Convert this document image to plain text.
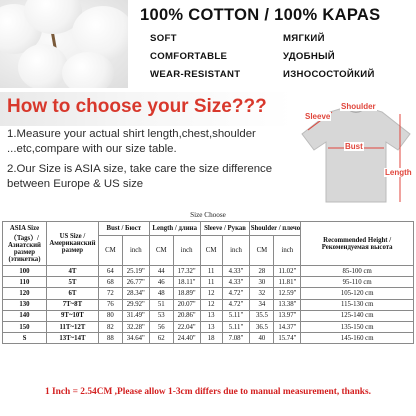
100% COTTON / 100% KAPAS
SOFT
COMFORTABLE
WEAR-RESISTANT
МЯГКИЙ
УДОБНЫЙ
ИЗНОСОСТОЙКИЙ
How to choose your Size???
1.Measure your actual shirt length,chest,shoulder
...etc,compare with our size table.
2.Our Size is ASIA size, take care the size difference
between Europe & US size
Sleeve
Shoulder
Bust
Length
Size Choose
ASIA Size（Tags）/Азиатский размер (этикетка)	US Size / Американский размер	Bust / Бюст		Length / длина		Sleeve / Рукав		Shoulder / плечо		Recommended Height / Рекомендуемая высота
		CM	inch	CM	inch	CM	inch	CM	inch	
100	4T	64	25.19"	44	17.32"	11	4.33"	28	11.02"	85-100 cm
110	5T	68	26.77"	46	18.11"	11	4.33"	30	11.81"	95-110 cm
120	6T	72	28.34"	48	18.89"	12	4.72"	32	12.59"	105-120 cm
130	7T~8T	76	29.92"	51	20.07"	12	4.72"	34	13.38"	115-130 cm
140	9T~10T	80	31.49"	53	20.86"	13	5.11"	35.5	13.97"	125-140 cm
150	11T~12T	82	32.28"	56	22.04"	13	5.11"	36.5	14.37"	135-150 cm
S	13T~14T	88	34.64"	62	24.40"	18	7.08"	40	15.74"	145-160 cm
1 Inch = 2.54CM ,Please allow 1-3cm differs due to manual measurement, thanks.
